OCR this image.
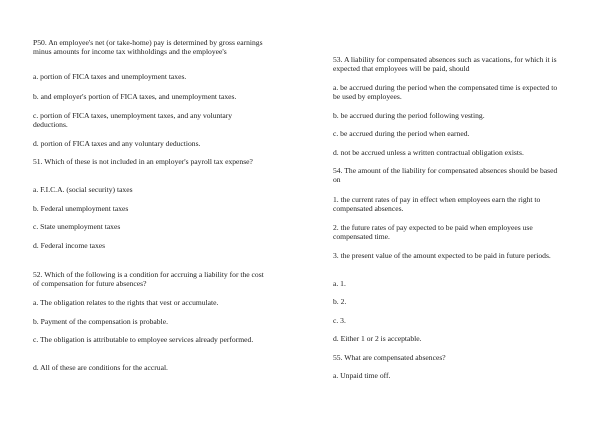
P50. An employee's net (or take-home) pay is determined by gross earnings minus amounts for income tax withholdings and the employee's

a. portion of FICA taxes and unemployment taxes.

b. and employer's portion of FICA taxes, and unemployment taxes.

c. portion of FICA taxes, unemployment taxes, and any voluntary deductions.

d. portion of FICA taxes and any voluntary deductions.

51. Which of these is not included in an employer's payroll tax expense?

a. F.I.C.A. (social security) taxes

b. Federal unemployment taxes

c. State unemployment taxes

d. Federal income taxes

52. Which of the following is a condition for accruing a liability for the cost of compensation for future absences?

a. The obligation relates to the rights that vest or accumulate.

b. Payment of the compensation is probable.

c. The obligation is attributable to employee services already performed.

d. All of these are conditions for the accrual.

53. A liability for compensated absences such as vacations, for which it is expected that employees will be paid, should

a. be accrued during the period when the compensated time is expected to be used by employees.

b. be accrued during the period following vesting.

c. be accrued during the period when earned.

d. not be accrued unless a written contractual obligation exists.

54. The amount of the liability for compensated absences should be based on

1. the current rates of pay in effect when employees earn the right to compensated absences.

2. the future rates of pay expected to be paid when employees use compensated time.

3. the present value of the amount expected to be paid in future periods.

a. 1.

b. 2.

c. 3.

d. Either 1 or 2 is acceptable.

55. What are compensated absences?

a. Unpaid time off.
